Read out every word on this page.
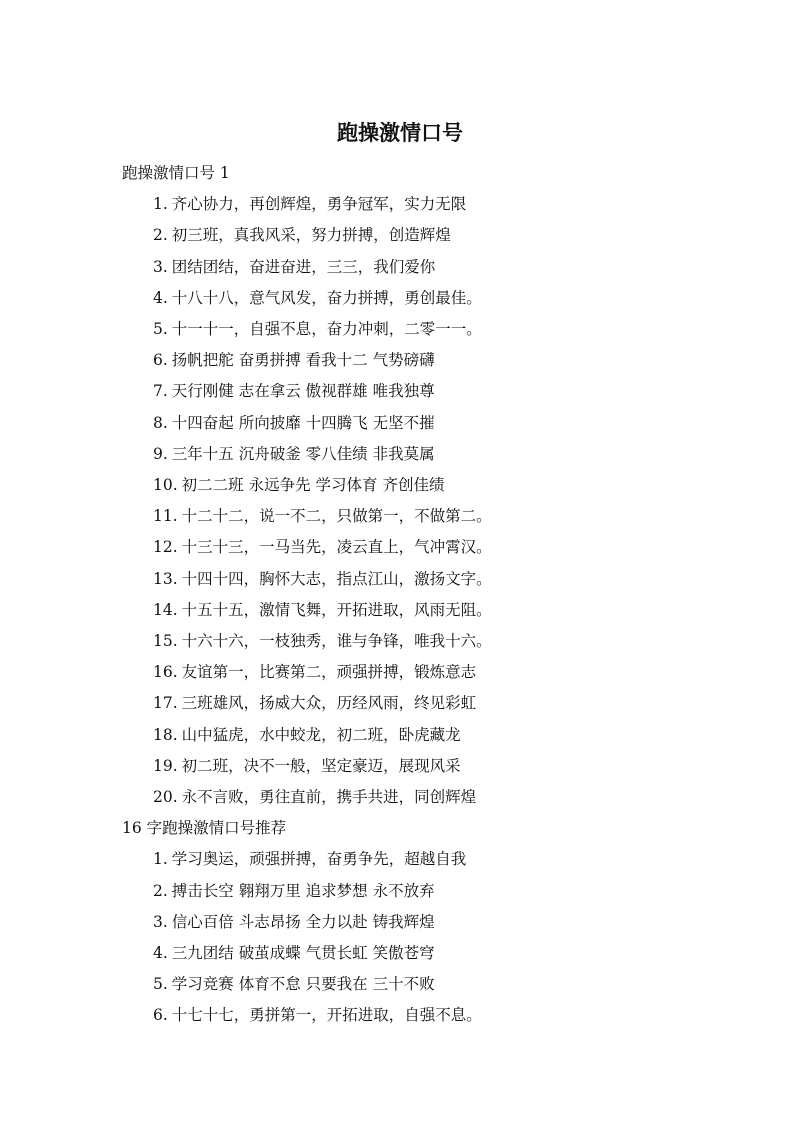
跑操激情口号

跑操激情口号 1

1. 齐心协力，再创辉煌，勇争冠军，实力无限
2. 初三班，真我风采，努力拼搏，创造辉煌
3. 团结团结，奋进奋进，三三，我们爱你
4. 十八十八，意气风发，奋力拼搏，勇创最佳。
5. 十一十一，自强不息，奋力冲刺，二零一一。
6. 扬帆把舵 奋勇拼搏 看我十二 气势磅礴
7. 天行刚健 志在拿云 傲视群雄 唯我独尊
8. 十四奋起 所向披靡 十四腾飞 无坚不摧
9. 三年十五 沉舟破釜 零八佳绩 非我莫属
10. 初二二班 永远争先 学习体育 齐创佳绩
11. 十二十二，说一不二，只做第一，不做第二。
12. 十三十三，一马当先，凌云直上，气冲霄汉。
13. 十四十四，胸怀大志，指点江山，激扬文字。
14. 十五十五，激情飞舞，开拓进取，风雨无阻。
15. 十六十六，一枝独秀，谁与争锋，唯我十六。
16. 友谊第一，比赛第二，顽强拼搏，锻炼意志
17. 三班雄风，扬威大众，历经风雨，终见彩虹
18. 山中猛虎，水中蛟龙，初二班，卧虎藏龙
19. 初二班，决不一般，坚定豪迈，展现风采
20. 永不言败，勇往直前，携手共进，同创辉煌

16 字跑操激情口号推荐

1. 学习奥运，顽强拼搏，奋勇争先，超越自我
2. 搏击长空 翱翔万里 追求梦想 永不放弃
3. 信心百倍 斗志昂扬 全力以赴 铸我辉煌
4. 三九团结 破茧成蝶 气贯长虹 笑傲苍穹
5. 学习竞赛 体育不怠 只要我在 三十不败
6. 十七十七，勇拼第一，开拓进取，自强不息。
